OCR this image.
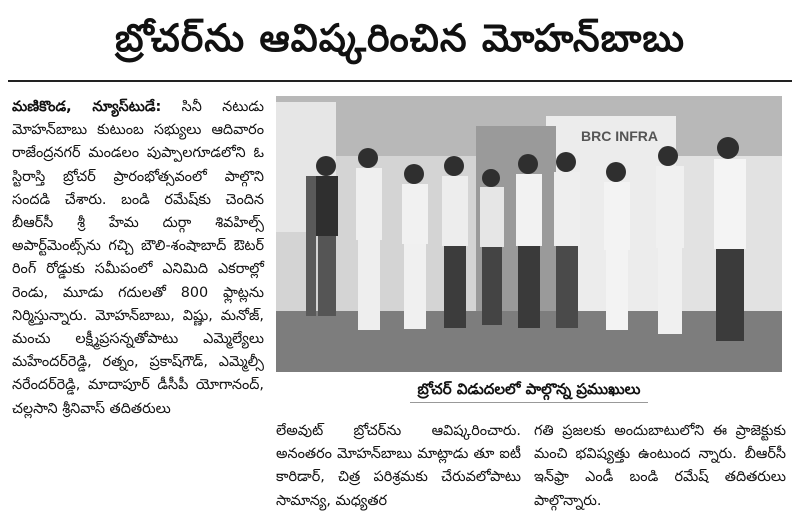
బ్రోచర్‌ను ఆవిష్కరించిన మోహన్‌బాబు
మణికొండ, న్యూస్‌టుడే: సినీ నటుడు మోహన్‌బాబు కుటుంబ సభ్యులు ఆదివారం రాజేంద్రనగర్ మండలం పుప్పాలగూడలోని ఓ స్టిరాస్తి బ్రోచర్ ప్రారంభోత్సవంలో పాల్గొని సందడి చేశారు. బండి రమేష్‌కు చెందిన బీఆర్‌సీ శ్రీ హేమ దుర్గా శివహిల్స్ అపార్ట్‌మెంట్స్‌ను గచ్చి బౌలి-శంషాబాద్ ఔటర్ రింగ్ రోడ్డుకు సమీపంలో ఎనిమిది ఎకరాల్లో రెండు, మూడు గదులతో 800 ఫ్లాట్లను నిర్మిస్తున్నారు. మోహన్‌బాబు, విష్ణు, మనోజ్, మంచు లక్ష్మీప్రసన్నతోపాటు ఎమ్మెల్యేలు మహేందర్‌రెడ్డి, రత్నం, ప్రకాష్‌గౌడ్, ఎమ్మెల్సీ నరేందర్‌రెడ్డి, మాదాపూర్ డీసీపీ యోగానంద్, చల్లసాని శ్రీనివాస్ తదితరులు
BRC INFRA
బ్రోచర్ విడుదలలో పాల్గొన్న ప్రముఖులు
లేఅవుట్ బ్రోచర్‌ను ఆవిష్కరించారు. అనంతరం మోహన్‌బాబు మాట్లాడు తూ ఐటీ కారిడార్, చిత్ర పరిశ్రమకు చేరువలోపాటు సామాన్య, మధ్యతర
గతి ప్రజలకు అందుబాటులోని ఈ ప్రాజెక్టుకు మంచి భవిష్యత్తు ఉంటుంద న్నారు. బీఆర్‌సీ ఇన్‌ఫ్రా ఎండీ బండి రమేష్ తదితరులు పాల్గొన్నారు.
